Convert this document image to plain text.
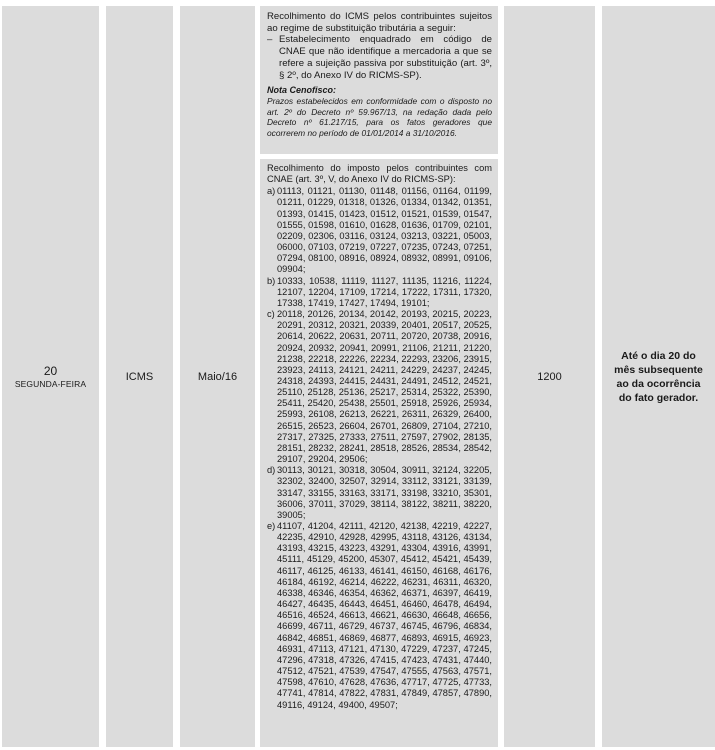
20
SEGUNDA-FEIRA
ICMS	Maio/16

Recolhimento do ICMS pelos contribuintes sujeitos ao regime de substituição tributária a seguir:

– Estabelecimento enquadrado em código de CNAE que não identifique a mercadoria a que se refere a sujeição passiva por substituição (art. 3º, § 2º, do Anexo IV do RICMS-SP).
Nota Cenofisco:
Prazos estabelecidos em conformidade com o disposto no art. 2º do Decreto nº 59.967/13, na redação dada pelo Decreto nº 61.217/15, para os fatos geradores que ocorrerem no período de 01/01/2014 a 31/10/2016.

Recolhimento do imposto pelos contribuintes com CNAE (art. 3º, V, do Anexo IV do RICMS-SP):

a) 01113, 01121, 01130, 01148, 01156, 01164, 01199, 01211, 01229, 01318, 01326, 01334, 01342, 01351, 01393, 01415, 01423, 01512, 01521, 01539, 01547, 01555, 01598, 01610, 01628, 01636, 01709, 02101, 02209, 02306, 03116, 03124, 03213, 03221, 05003, 06000, 07103, 07219, 07227, 07235, 07243, 07251, 07294, 08100, 08916, 08924, 08932, 08991, 09106, 09904;
b) 10333, 10538, 11119, 11127, 11135, 11216, 11224, 12107, 12204, 17109, 17214, 17222, 17311, 17320, 17338, 17419, 17427, 17494, 19101;
c) 20118, 20126, 20134, 20142, 20193, 20215, 20223, 20291, 20312, 20321, 20339, 20401, 20517, 20525, 20614, 20622, 20631, 20711, 20720, 20738, 20916, 20924, 20932, 20941, 20991, 21106, 21211, 21220, 21238, 22218, 22226, 22234, 22293, 23206, 23915, 23923, 24113, 24121, 24211, 24229, 24237, 24245, 24318, 24393, 24415, 24431, 24491, 24512, 24521, 25110, 25128, 25136, 25217, 25314, 25322, 25390, 25411, 25420, 25438, 25501, 25918, 25926, 25934, 25993, 26108, 26213, 26221, 26311, 26329, 26400, 26515, 26523, 26604, 26701, 26809, 27104, 27210, 27317, 27325, 27333, 27511, 27597, 27902, 28135, 28151, 28232, 28241, 28518, 28526, 28534, 28542, 29107, 29204, 29506;
d) 30113, 30121, 30318, 30504, 30911, 32124, 32205, 32302, 32400, 32507, 32914, 33112, 33121, 33139, 33147, 33155, 33163, 33171, 33198, 33210, 35301, 36006, 37011, 37029, 38114, 38122, 38211, 38220, 39005;
e) 41107, 41204, 42111, 42120, 42138, 42219, 42227, 42235, 42910, 42928, 42995, 43118, 43126, 43134, 43193, 43215, 43223, 43291, 43304, 43916, 43991, 45111, 45129, 45200, 45307, 45412, 45421, 45439, 46117, 46125, 46133, 46141, 46150, 46168, 46176, 46184, 46192, 46214, 46222, 46231, 46311, 46320, 46338, 46346, 46354, 46362, 46371, 46397, 46419, 46427, 46435, 46443, 46451, 46460, 46478, 46494, 46516, 46524, 46613, 46621, 46630, 46648, 46656, 46699, 46711, 46729, 46737, 46745, 46796, 46834, 46842, 46851, 46869, 46877, 46893, 46915, 46923, 46931, 47113, 47121, 47130, 47229, 47237, 47245, 47296, 47318, 47326, 47415, 47423, 47431, 47440, 47512, 47521, 47539, 47547, 47555, 47563, 47571, 47598, 47610, 47628, 47636, 47717, 47725, 47733, 47741, 47814, 47822, 47831, 47849, 47857, 47890, 49116, 49124, 49400, 49507;
1200
Até o dia 20 do mês subsequente ao da ocorrência do fato gerador.
